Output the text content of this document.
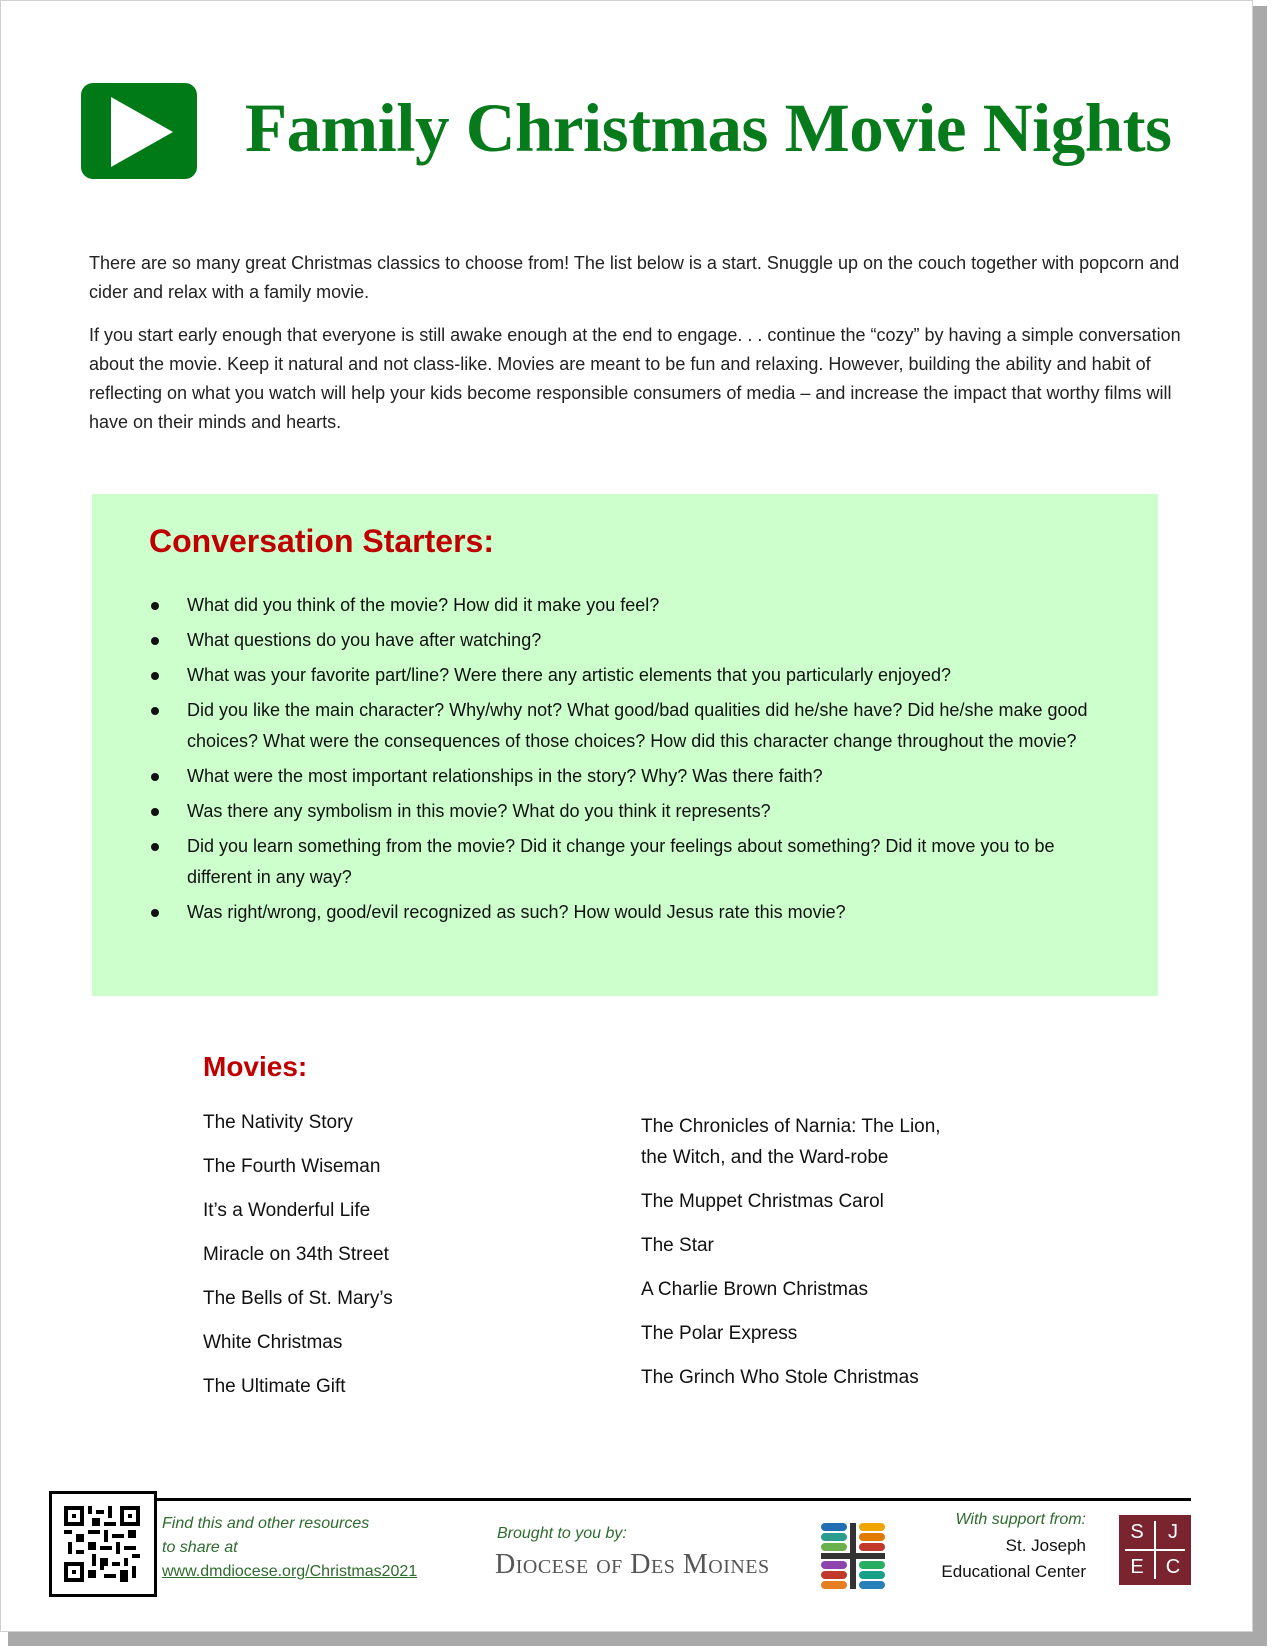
Family Christmas Movie Nights

There are so many great Christmas classics to choose from! The list below is a start. Snuggle up on the couch together with popcorn and cider and relax with a family movie.

If you start early enough that everyone is still awake enough at the end to engage. . . continue the “cozy” by having a simple conversation about the movie. Keep it natural and not class-like. Movies are meant to be fun and relaxing. However, building the ability and habit of reflecting on what you watch will help your kids become responsible consumers of media – and increase the impact that worthy films will have on their minds and hearts.

Conversation Starters:
What did you think of the movie? How did it make you feel?
What questions do you have after watching?
What was your favorite part/line? Were there any artistic elements that you particularly enjoyed?
Did you like the main character? Why/why not? What good/bad qualities did he/she have? Did he/she make good choices? What were the consequences of those choices? How did this character change throughout the movie?
What were the most important relationships in the story? Why? Was there faith?
Was there any symbolism in this movie? What do you think it represents?
Did you learn something from the movie? Did it change your feelings about something? Did it move you to be different in any way?
Was right/wrong, good/evil recognized as such? How would Jesus rate this movie?
Movies:
The Nativity Story
The Fourth Wiseman
It’s a Wonderful Life
Miracle on 34th Street
The Bells of St. Mary’s
White Christmas
The Ultimate Gift
The Chronicles of Narnia: The Lion, the Witch, and the Ward-robe
The Muppet Christmas Carol
The Star
A Charlie Brown Christmas
The Polar Express
The Grinch Who Stole Christmas
Find this and other resources
to share at
www.dmdiocese.org/Christmas2021
Brought to you by:
Diocese of Des Moines
With support from:
St. Joseph
Educational Center
S	J
E	C
